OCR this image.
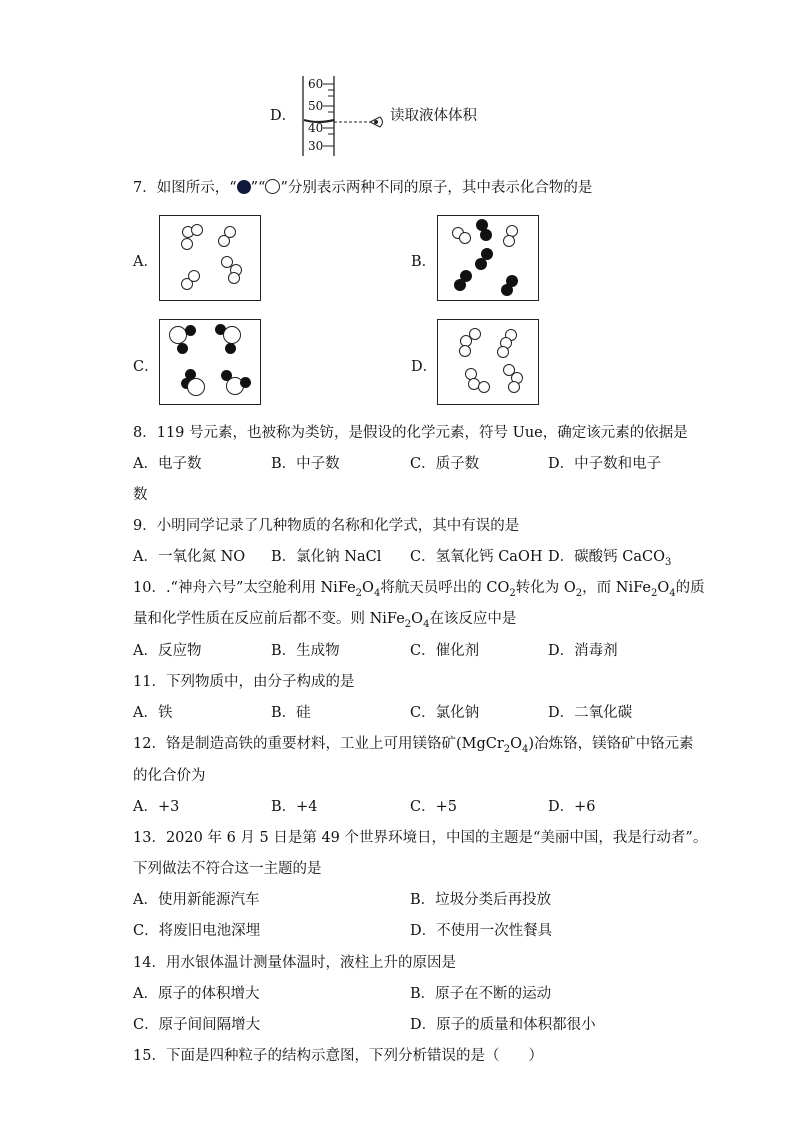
D．
60
50
40
30
读取液体体积
7．如图所示，“ ”“ ”分别表示两种不同的原子，其中表示化合物的是
A．	B．
C．	D．
8．119 号元素，也被称为类钫，是假设的化学元素，符号 Uue，确定该元素的依据是
A．电子数	B．中子数	C．质子数	D．中子数和电子
数
9．小明同学记录了几种物质的名称和化学式，其中有误的是
A．一氧化氮 NO B．氯化钠 NaCl C．氢氧化钙 CaOH D．碳酸钙 CaCO$_3$
10．.“神舟六号”太空舱利用 $NiFe_2O_4$将航天员呼出的 $CO_2$转化为 $O_2$，而 $NiFe_2O_4$的质
量和化学性质在反应前后都不变。则 $NiFe_2O_4$在该反应中是
A．反应物	B．生成物	C．催化剂	D．消毒剂
11．下列物质中，由分子构成的是
A．铁	B．硅	C．氯化钠	D．二氧化碳
12．铬是制造高铁的重要材料，工业上可用镁铬矿$(MgCr_2O_4)$冶炼铬，镁铬矿中铬元素
的化合价为
A．+3	B．+4	C．+5	D．+6
13．2020 年 6 月 5 日是第 49 个世界环境日，中国的主题是“美丽中国，我是行动者”。
下列做法不符合这一主题的是
A．使用新能源汽车	B．垃圾分类后再投放
C．将废旧电池深埋	D．不使用一次性餐具
14．用水银体温计测量体温时，液柱上升的原因是
A．原子的体积增大	B．原子在不断的运动
C．原子间间隔增大	D．原子的质量和体积都很小
15．下面是四种粒子的结构示意图，下列分析错误的是（　　）
